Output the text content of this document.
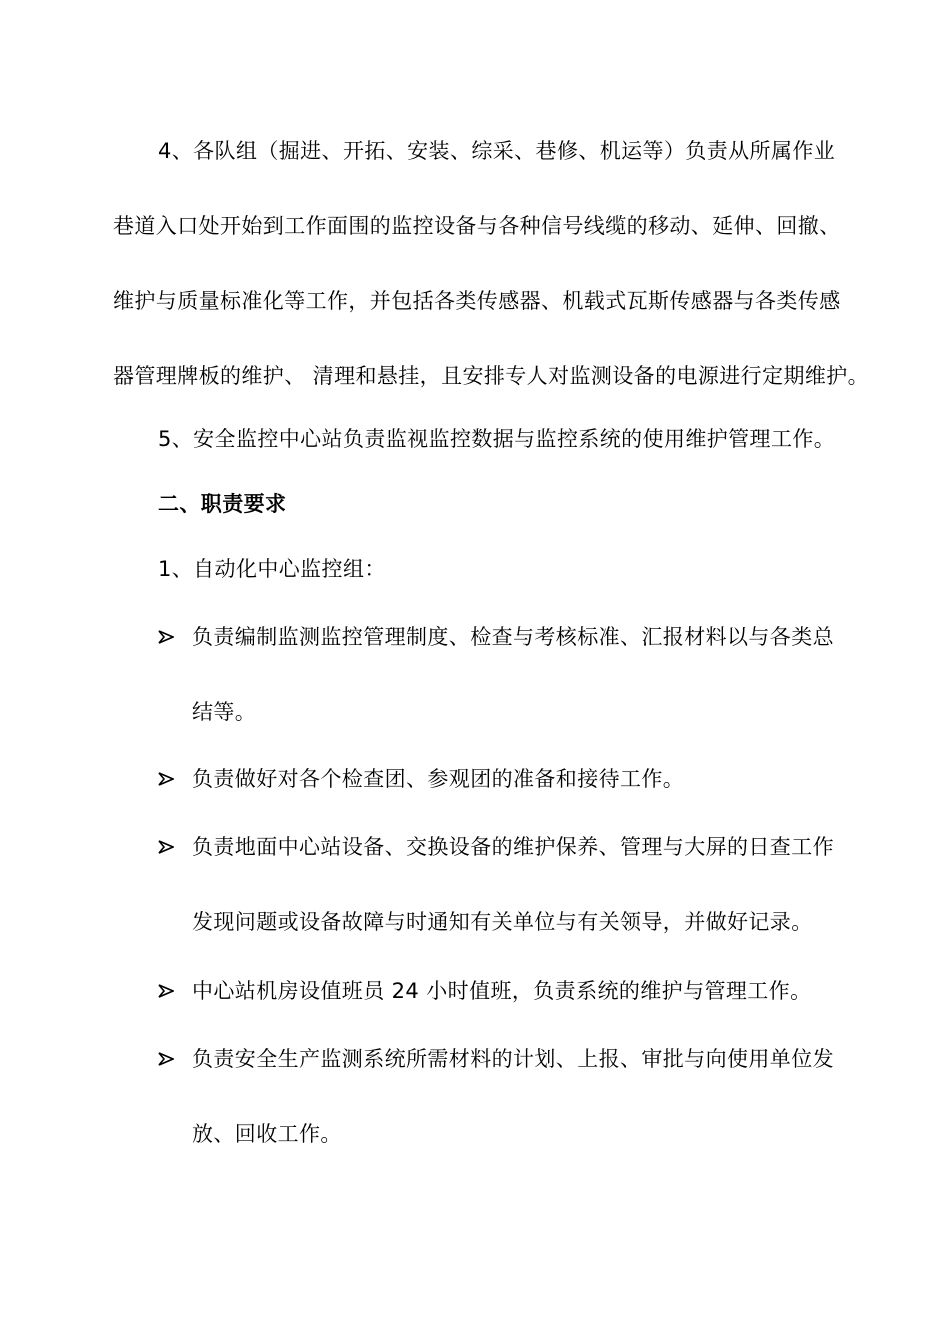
4、各队组（掘进、开拓、安装、综采、巷修、机运等）负责从所属作业
巷道入口处开始到工作面围的监控设备与各种信号线缆的移动、延伸、回撤、
维护与质量标准化等工作，并包括各类传感器、机载式瓦斯传感器与各类传感
器管理牌板的维护、 清理和悬挂，且安排专人对监测设备的电源进行定期维护。
5、安全监控中心站负责监视监控数据与监控系统的使用维护管理工作。
二、职责要求
1、自动化中心监控组：
负责编制监测监控管理制度、检查与考核标准、汇报材料以与各类总
结等。
负责做好对各个检查团、参观团的准备和接待工作。
负责地面中心站设备、交换设备的维护保养、管理与大屏的日查工作
发现问题或设备故障与时通知有关单位与有关领导，并做好记录。
中心站机房设值班员 24 小时值班，负责系统的维护与管理工作。
负责安全生产监测系统所需材料的计划、上报、审批与向使用单位发
放、回收工作。
